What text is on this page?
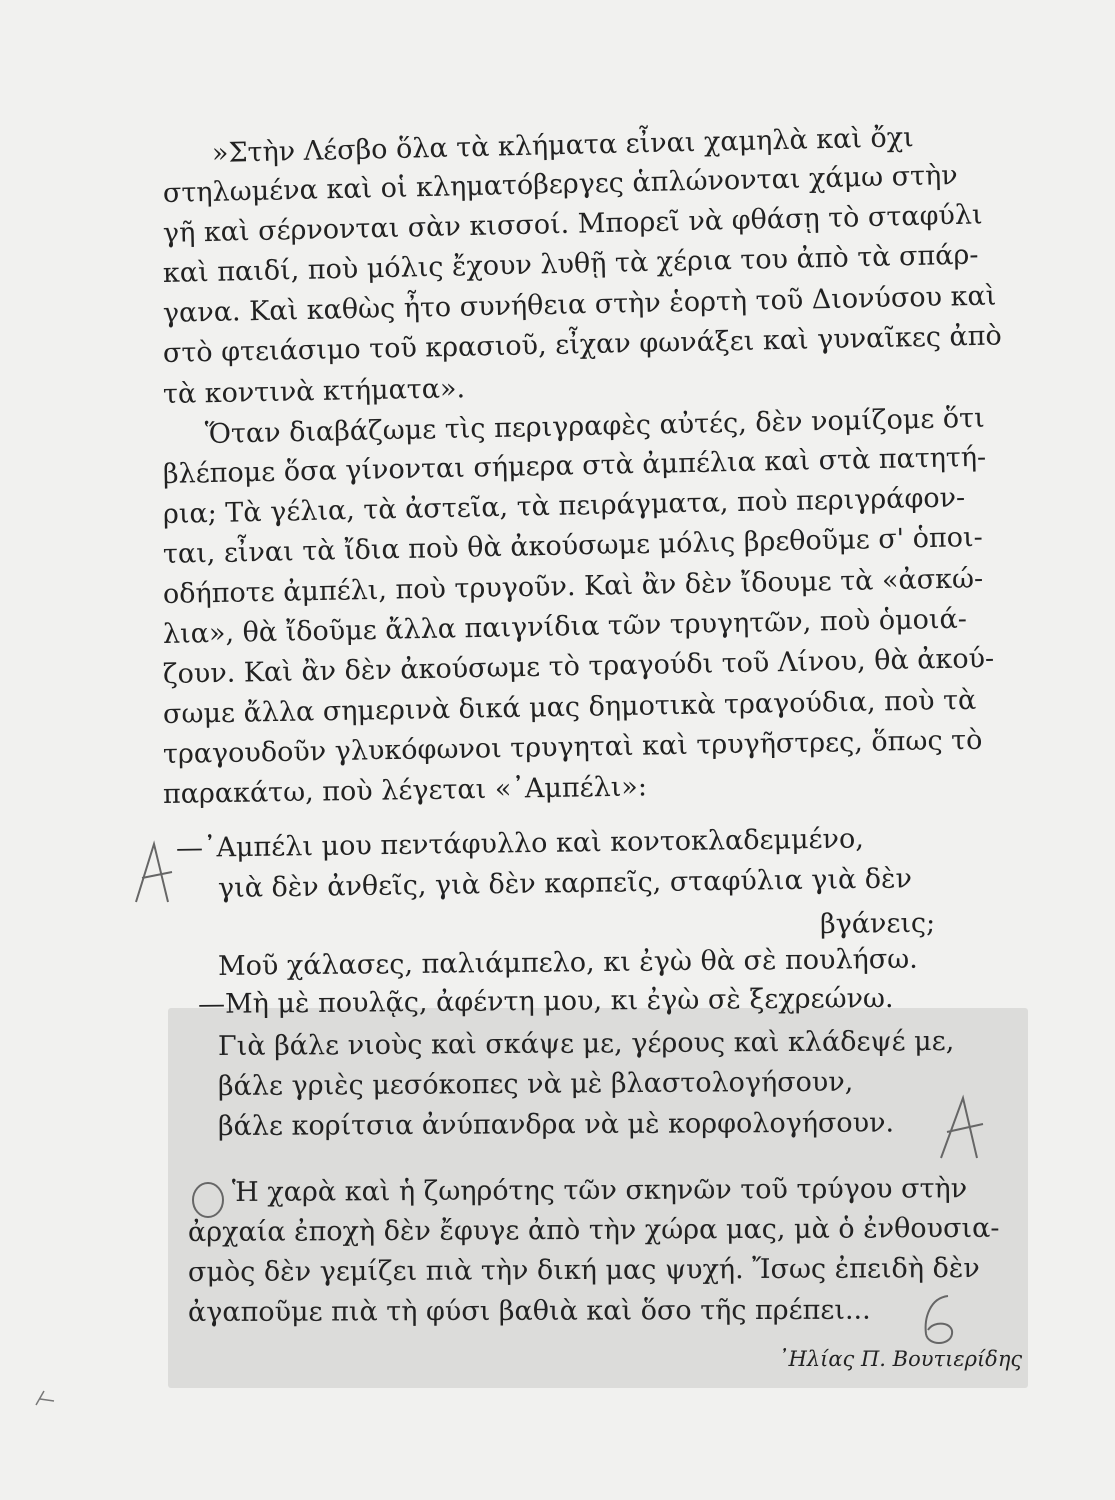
»Στὴν Λέσβο ὅλα τὰ κλήματα εἶναι χαμηλὰ καὶ ὄχι
στηλωμένα καὶ οἱ κληματόβεργες ἁπλώνονται χάμω στὴν
γῆ καὶ σέρνονται σὰν κισσοί. Μπορεῖ νὰ φθάσῃ τὸ σταφύλι
καὶ παιδί, ποὺ μόλις ἔχουν λυθῇ τὰ χέρια του ἀπὸ τὰ σπάρ-
γανα. Καὶ καθὼς ἦτο συνήθεια στὴν ἑορτὴ τοῦ Διονύσου καὶ
στὸ φτειάσιμο τοῦ κρασιοῦ, εἶχαν φωνάξει καὶ γυναῖκες ἀπὸ
τὰ κοντινὰ κτήματα».
Ὅταν διαβάζωμε τὶς περιγραφὲς αὐτές, δὲν νομίζομε ὅτι
βλέπομε ὅσα γίνονται σήμερα στὰ ἀμπέλια καὶ στὰ πατητή-
ρια; Τὰ γέλια, τὰ ἀστεῖα, τὰ πειράγματα, ποὺ περιγράφον-
ται, εἶναι τὰ ἴδια ποὺ θὰ ἀκούσωμε μόλις βρεθοῦμε σ' ὁποι-
οδήποτε ἀμπέλι, ποὺ τρυγοῦν. Καὶ ἂν δὲν ἴδουμε τὰ «ἀσκώ-
λια», θὰ ἴδοῦμε ἄλλα παιγνίδια τῶν τρυγητῶν, ποὺ ὁμοιά-
ζουν. Καὶ ἂν δὲν ἀκούσωμε τὸ τραγούδι τοῦ Λίνου, θὰ ἀκού-
σωμε ἄλλα σημερινὰ δικά μας δημοτικὰ τραγούδια, ποὺ τὰ
τραγουδοῦν γλυκόφωνοι τρυγηταὶ καὶ τρυγῆστρες, ὅπως τὸ
παρακάτω, ποὺ λέγεται «᾿Αμπέλι»:
—᾿Αμπέλι μου πεντάφυλλο καὶ κοντοκλαδεμμένο,
γιὰ δὲν ἀνθεῖς, γιὰ δὲν καρπεῖς, σταφύλια γιὰ δὲν
βγάνεις;
Μοῦ χάλασες, παλιάμπελο, κι ἐγὼ θὰ σὲ πουλήσω.
—Μὴ μὲ πουλᾷς, ἀφέντη μου, κι ἐγὼ σὲ ξεχρεώνω.
Γιὰ βάλε νιοὺς καὶ σκάψε με, γέρους καὶ κλάδεψέ με,
βάλε γριὲς μεσόκοπες νὰ μὲ βλαστολογήσουν,
βάλε κορίτσια ἀνύπανδρα νὰ μὲ κορφολογήσουν.
Ἡ χαρὰ καὶ ἡ ζωηρότης τῶν σκηνῶν τοῦ τρύγου στὴν
ἀρχαία ἐποχὴ δὲν ἔφυγε ἀπὸ τὴν χώρα μας, μὰ ὁ ἐνθουσια-
σμὸς δὲν γεμίζει πιὰ τὴν δική μας ψυχή. Ἴσως ἐπειδὴ δὲν
ἀγαποῦμε πιὰ τὴ φύσι βαθιὰ καὶ ὅσο τῆς πρέπει...
᾿Ηλίας Π. Βουτιερίδης
